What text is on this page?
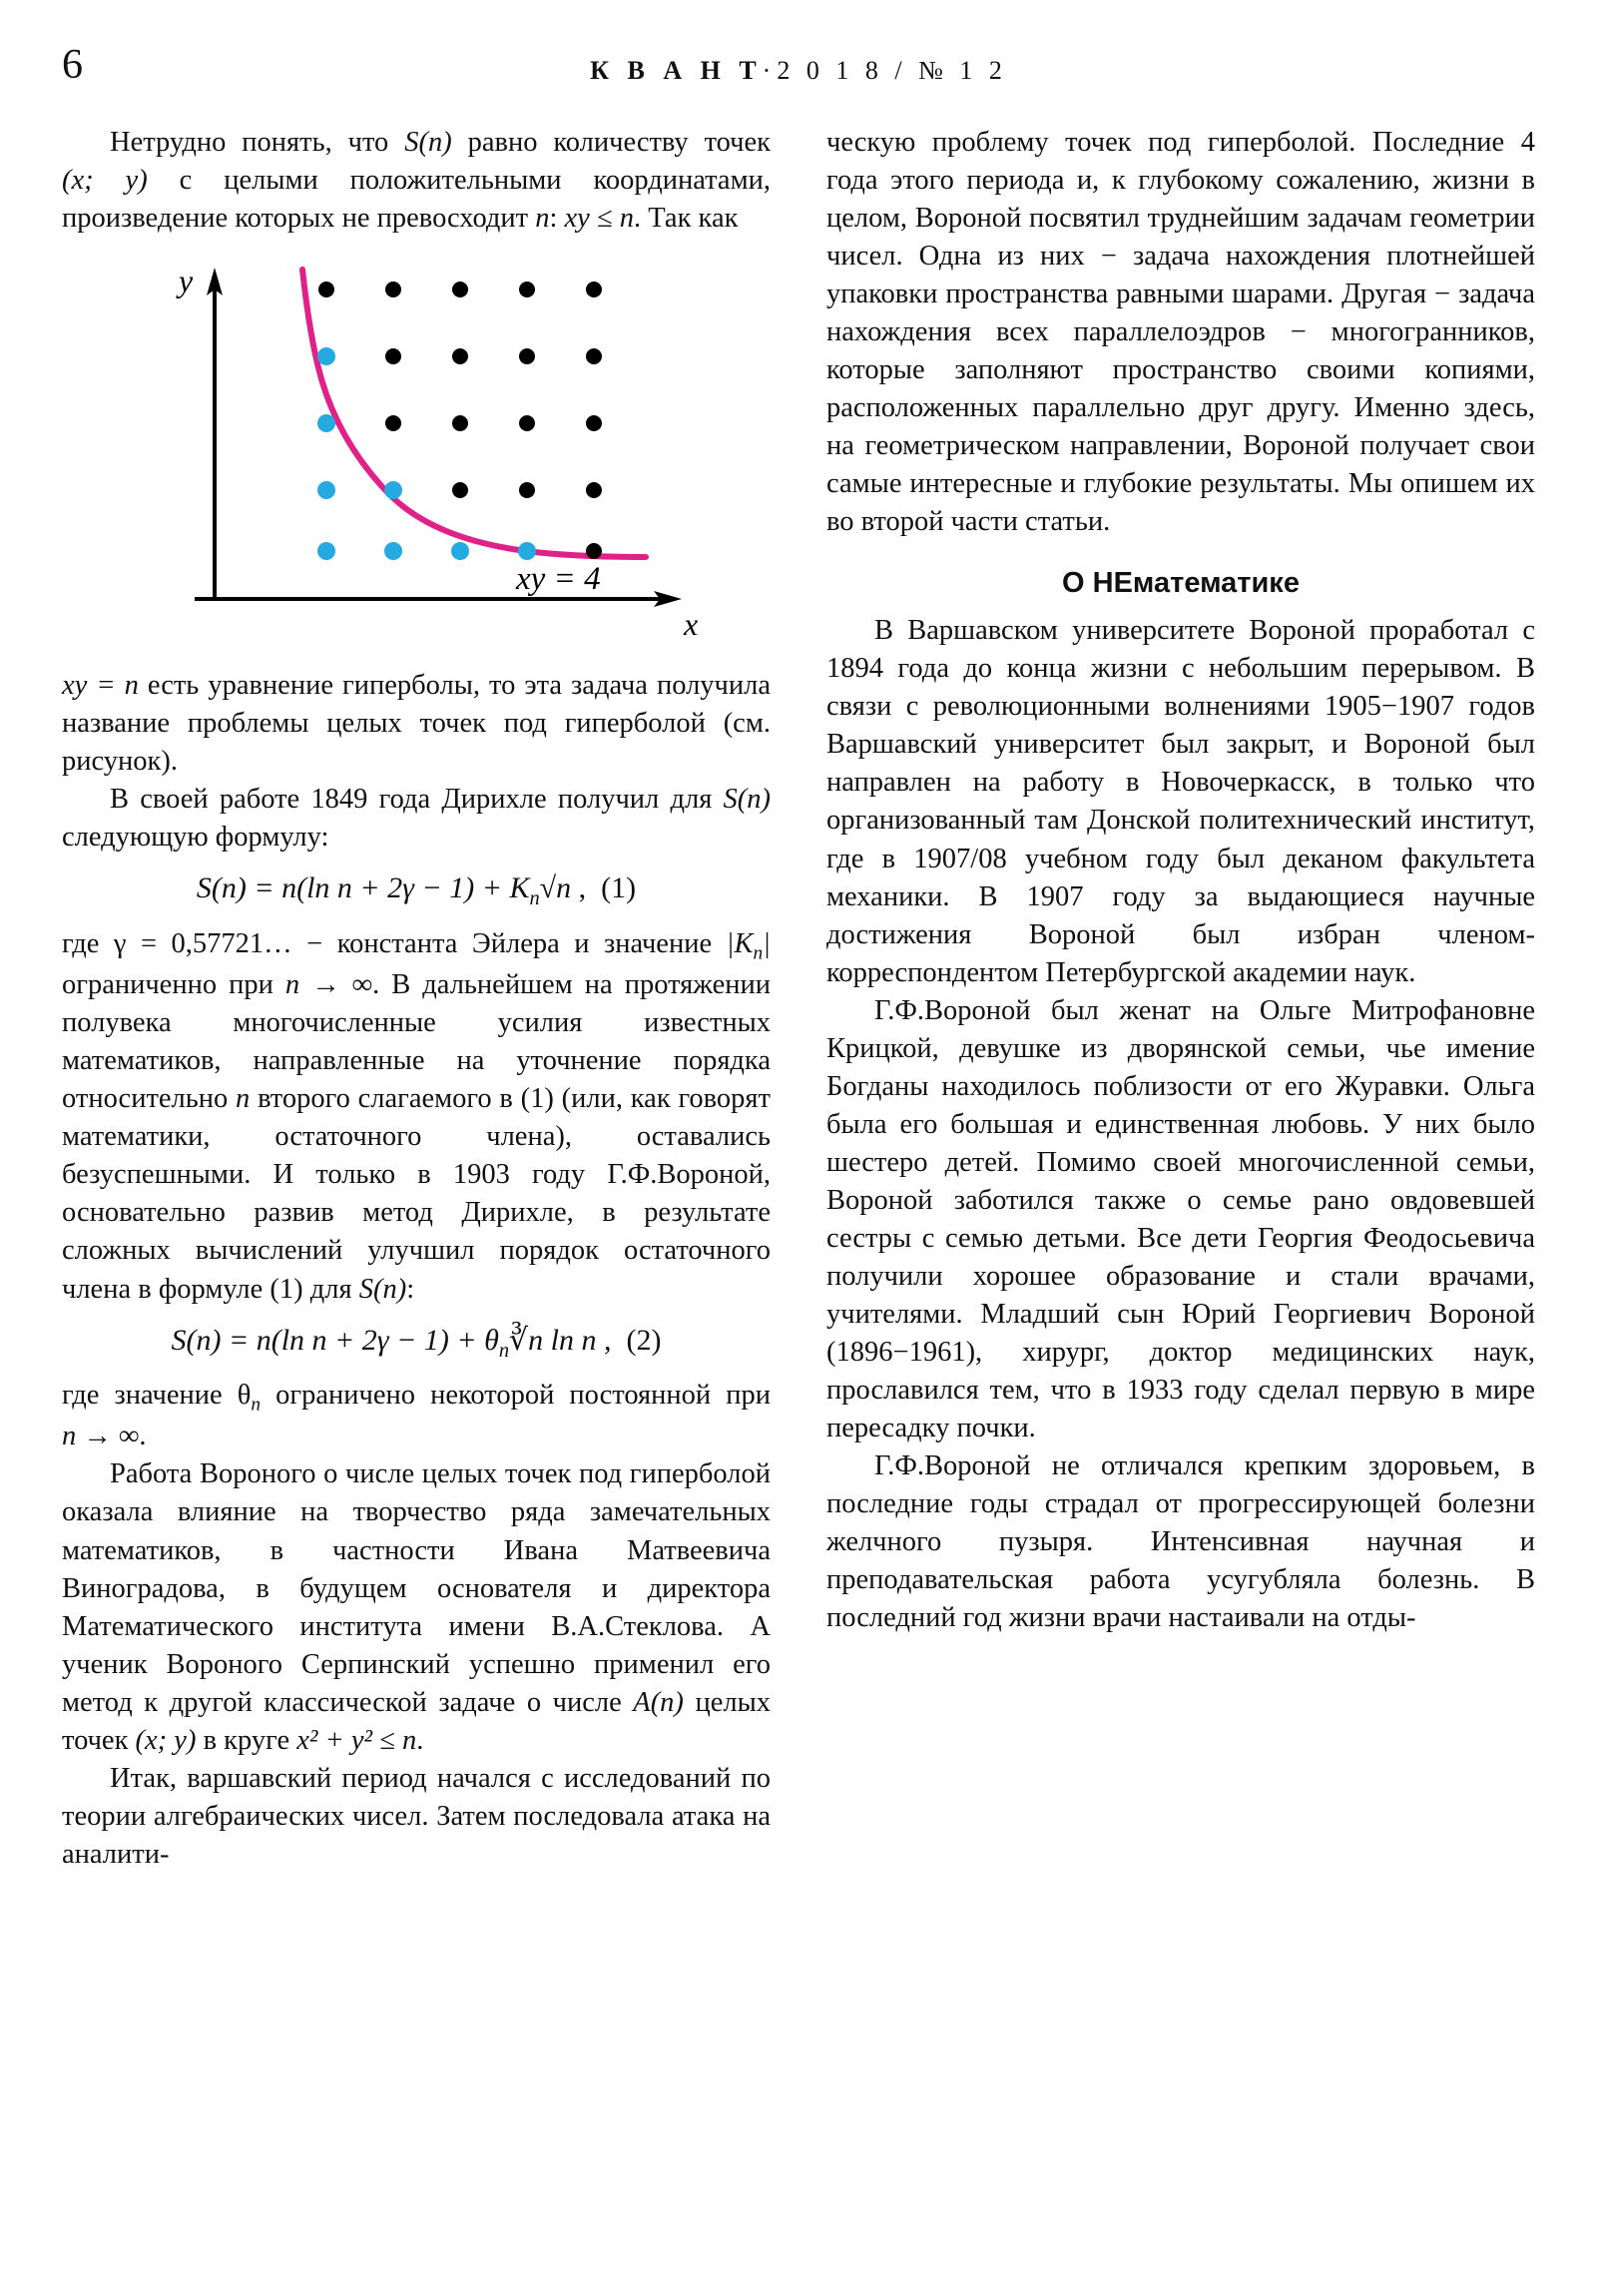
6	К В А Н Т·2 0 1 8 / № 1 2

Нетрудно понять, что S(n) равно количеству точек (x; y) с целыми положительными координатами, произведение которых не превосходит n: xy ≤ n. Так как

y
x
xy = 4

xy = n есть уравнение гиперболы, то эта задача получила название проблемы целых точек под гиперболой (см. рисунок).

В своей работе 1849 года Дирихле получил для S(n) следующую формулу:

S(n) = n(ln $n + 2\gamma - 1) + K_n√n$ , (1)

где γ = 0,57721… − константа Эйлера и значение $|K_n|$ ограниченно при n → ∞. В дальнейшем на протяжении полувека многочисленные усилия известных математиков, направленные на уточнение порядка относительно n второго слагаемого в (1) (или, как говорят математики, остаточного члена), оставались безуспешными. И только в 1903 году Г.Ф.Вороной, основательно развив метод Дирихле, в результате сложных вычислений улучшил порядок остаточного члена в формуле (1) для S(n):

S(n) = n(ln $n + 2\gamma - 1) + \theta_n∛n$ ln n , (2)

где значение $\theta_n$ ограничено некоторой постоянной при n → ∞.

Работа Вороного о числе целых точек под гиперболой оказала влияние на творчество ряда замечательных математиков, в частности Ивана Матвеевича Виноградова, в будущем основателя и директора Математического института имени В.А.Стеклова. А ученик Вороного Серпинский успешно применил его метод к другой классической задаче о числе A(n) целых точек (x; y) в круге x² + y² ≤ n.

Итак, варшавский период начался с исследований по теории алгебраических чисел. Затем последовала атака на аналити-

ческую проблему точек под гиперболой. Последние 4 года этого периода и, к глубокому сожалению, жизни в целом, Вороной посвятил труднейшим задачам геометрии чисел. Одна из них − задача нахождения плотнейшей упаковки пространства равными шарами. Другая − задача нахождения всех параллелоэдров − многогранников, которые заполняют пространство своими копиями, расположенных параллельно друг другу. Именно здесь, на геометрическом направлении, Вороной получает свои самые интересные и глубокие результаты. Мы опишем их во второй части статьи.

О НЕматематике

В Варшавском университете Вороной проработал с 1894 года до конца жизни с небольшим перерывом. В связи с революционными волнениями 1905−1907 годов Варшавский университет был закрыт, и Вороной был направлен на работу в Новочеркасск, в только что организованный там Донской политехнический институт, где в 1907/08 учебном году был деканом факультета механики. В 1907 году за выдающиеся научные достижения Вороной был избран членом-корреспондентом Петербургской академии наук.

Г.Ф.Вороной был женат на Ольге Митрофановне Крицкой, девушке из дворянской семьи, чье имение Богданы находилось поблизости от его Журавки. Ольга была его большая и единственная любовь. У них было шестеро детей. Помимо своей многочисленной семьи, Вороной заботился также о семье рано овдовевшей сестры с семью детьми. Все дети Георгия Феодосьевича получили хорошее образование и стали врачами, учителями. Младший сын Юрий Георгиевич Вороной (1896−1961), хирург, доктор медицинских наук, прославился тем, что в 1933 году сделал первую в мире пересадку почки.

Г.Ф.Вороной не отличался крепким здоровьем, в последние годы страдал от прогрессирующей болезни желчного пузыря. Интенсивная научная и преподавательская работа усугубляла болезнь. В последний год жизни врачи настаивали на отды-
